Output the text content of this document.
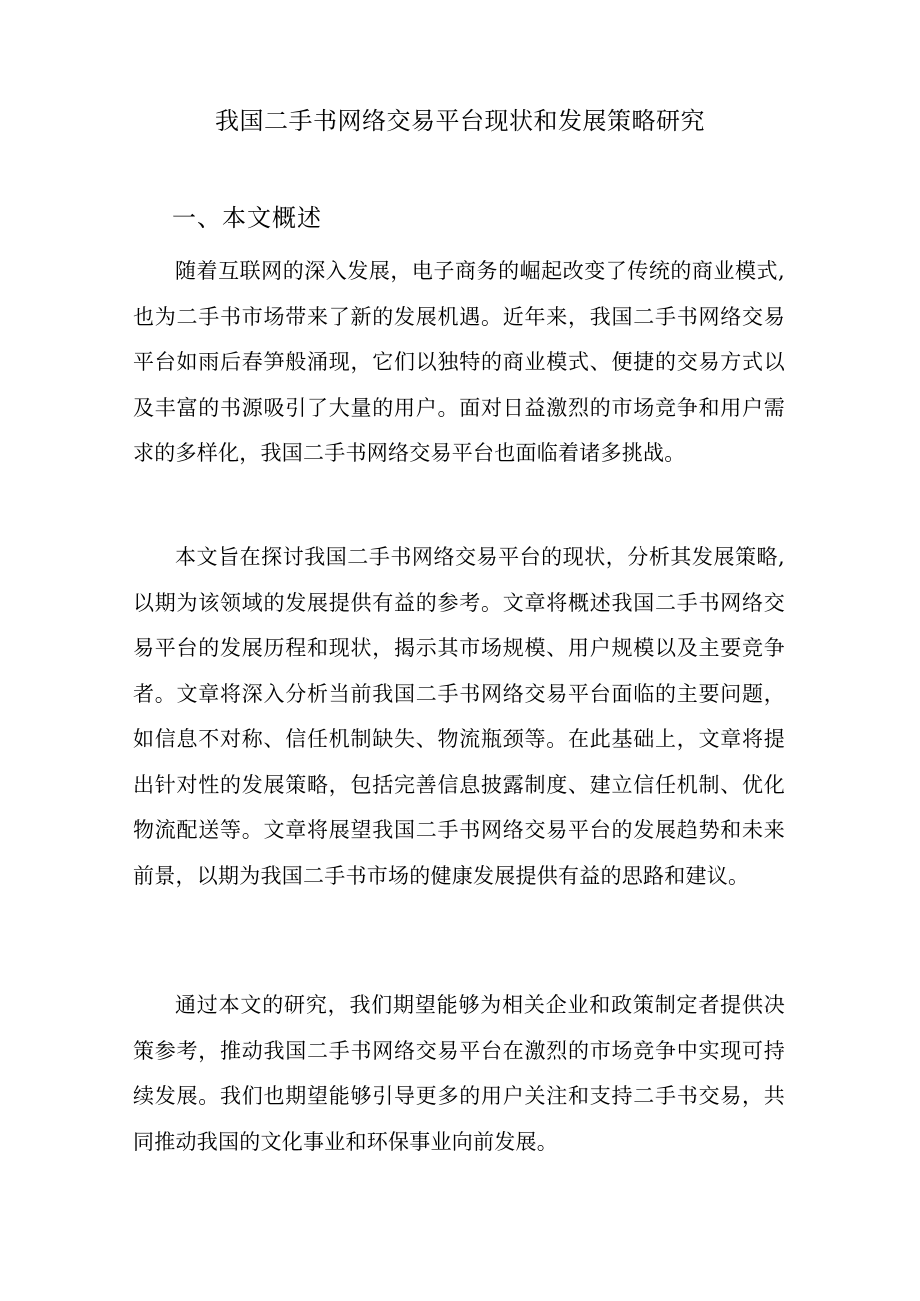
我国二手书网络交易平台现状和发展策略研究
一、本文概述

随着互联网的深入发展，电子商务的崛起改变了传统的商业模式,也为二手书市场带来了新的发展机遇。近年来，我国二手书网络交易平台如雨后春笋般涌现，它们以独特的商业模式、便捷的交易方式以及丰富的书源吸引了大量的用户。面对日益激烈的市场竞争和用户需求的多样化，我国二手书网络交易平台也面临着诸多挑战。

本文旨在探讨我国二手书网络交易平台的现状，分析其发展策略,以期为该领域的发展提供有益的参考。文章将概述我国二手书网络交易平台的发展历程和现状，揭示其市场规模、用户规模以及主要竞争者。文章将深入分析当前我国二手书网络交易平台面临的主要问题，如信息不对称、信任机制缺失、物流瓶颈等。在此基础上，文章将提出针对性的发展策略，包括完善信息披露制度、建立信任机制、优化物流配送等。文章将展望我国二手书网络交易平台的发展趋势和未来前景，以期为我国二手书市场的健康发展提供有益的思路和建议。

通过本文的研究，我们期望能够为相关企业和政策制定者提供决策参考，推动我国二手书网络交易平台在激烈的市场竞争中实现可持续发展。我们也期望能够引导更多的用户关注和支持二手书交易，共同推动我国的文化事业和环保事业向前发展。
